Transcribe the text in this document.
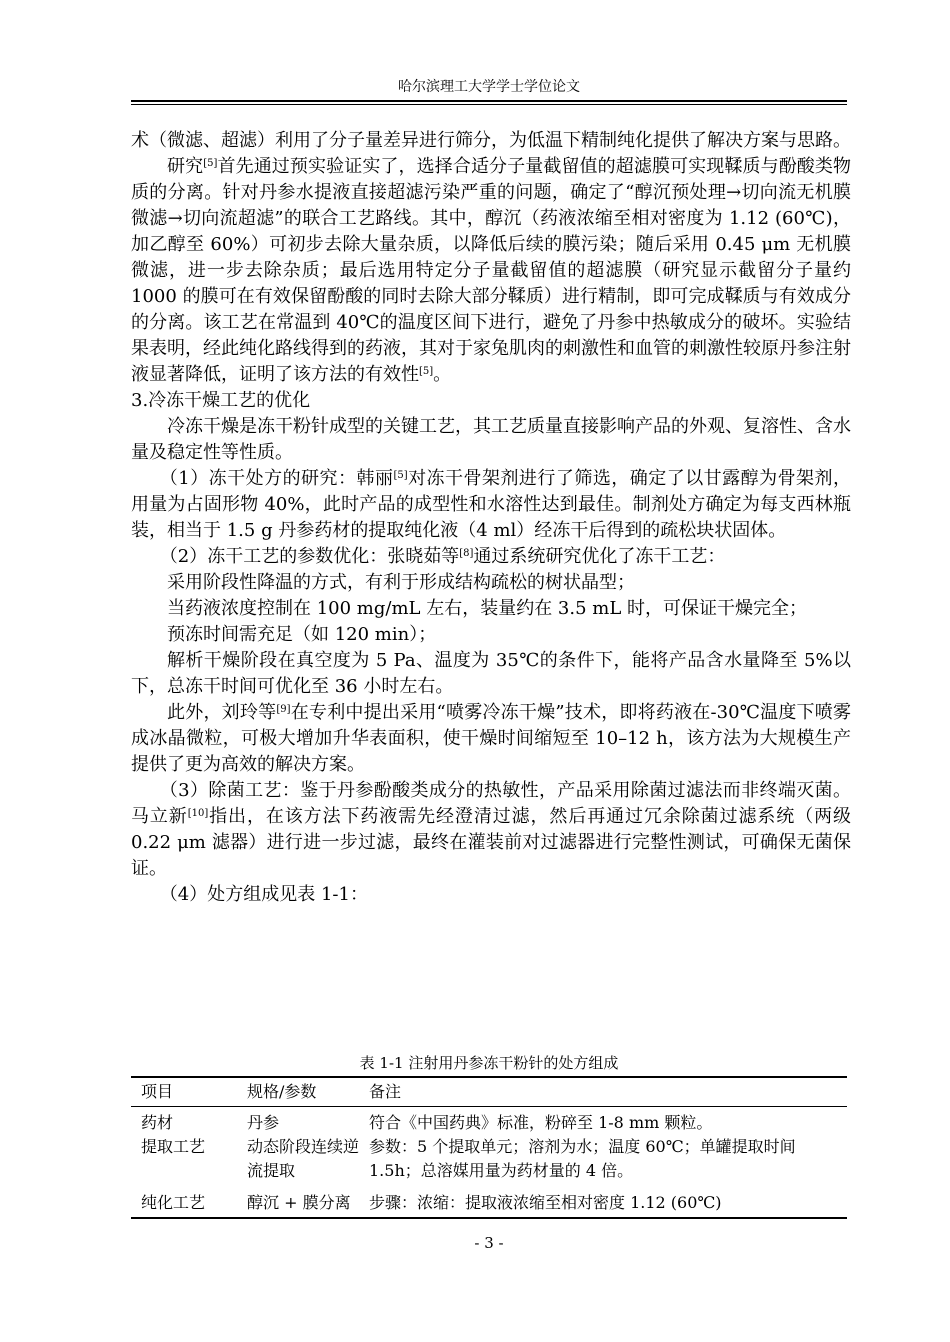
哈尔滨理工大学学士学位论文

术（微滤、超滤）利用了分子量差异进行筛分，为低温下精制纯化提供了解决方案与思路。

研究[5]首先通过预实验证实了，选择合适分子量截留值的超滤膜可实现鞣质与酚酸类物质的分离。针对丹参水提液直接超滤污染严重的问题，确定了“醇沉预处理→切向流无机膜微滤→切向流超滤”的联合工艺路线。其中，醇沉（药液浓缩至相对密度为 1.12 (60℃)，加乙醇至 60%）可初步去除大量杂质，以降低后续的膜污染；随后采用 0.45 μm 无机膜微滤，进一步去除杂质；最后选用特定分子量截留值的超滤膜（研究显示截留分子量约 1000 的膜可在有效保留酚酸的同时去除大部分鞣质）进行精制，即可完成鞣质与有效成分的分离。该工艺在常温到 40℃的温度区间下进行，避免了丹参中热敏成分的破坏。实验结果表明，经此纯化路线得到的药液，其对于家兔肌肉的刺激性和血管的刺激性较原丹参注射液显著降低，证明了该方法的有效性[5]。

3.冷冻干燥工艺的优化

冷冻干燥是冻干粉针成型的关键工艺，其工艺质量直接影响产品的外观、复溶性、含水量及稳定性等性质。

（1）冻干处方的研究：韩丽[5]对冻干骨架剂进行了筛选，确定了以甘露醇为骨架剂，用量为占固形物 40%，此时产品的成型性和水溶性达到最佳。制剂处方确定为每支西林瓶装，相当于 1.5 g 丹参药材的提取纯化液（4 ml）经冻干后得到的疏松块状固体。

（2）冻干工艺的参数优化：张晓茹等[8]通过系统研究优化了冻干工艺：

采用阶段性降温的方式，有利于形成结构疏松的树状晶型；

当药液浓度控制在 100 mg/mL 左右，装量约在 3.5 mL 时，可保证干燥完全；

预冻时间需充足（如 120 min）；

解析干燥阶段在真空度为 5 Pa、温度为 35℃的条件下，能将产品含水量降至 5%以下，总冻干时间可优化至 36 小时左右。

此外，刘玲等[9]在专利中提出采用“喷雾冷冻干燥”技术，即将药液在-30℃温度下喷雾成冰晶微粒，可极大增加升华表面积，使干燥时间缩短至 10–12 h，该方法为大规模生产提供了更为高效的解决方案。

（3）除菌工艺：鉴于丹参酚酸类成分的热敏性，产品采用除菌过滤法而非终端灭菌。马立新[10]指出，在该方法下药液需先经澄清过滤，然后再通过冗余除菌过滤系统（两级 0.22 μm 滤器）进行进一步过滤，最终在灌装前对过滤器进行完整性测试，可确保无菌保证。

（4）处方组成见表 1-1：

表 1-1 注射用丹参冻干粉针的处方组成
项目	规格/参数	备注
药材	丹参	符合《中国药典》标准，粉碎至 1-8 mm 颗粒。
提取工艺	动态阶段连续逆流提取	参数：5 个提取单元；溶剂为水；温度 60℃；单罐提取时间 1.5h；总溶媒用量为药材量的 4 倍。
纯化工艺	醇沉 + 膜分离	步骤：浓缩：提取液浓缩至相对密度 1.12 (60℃)
- 3 -
